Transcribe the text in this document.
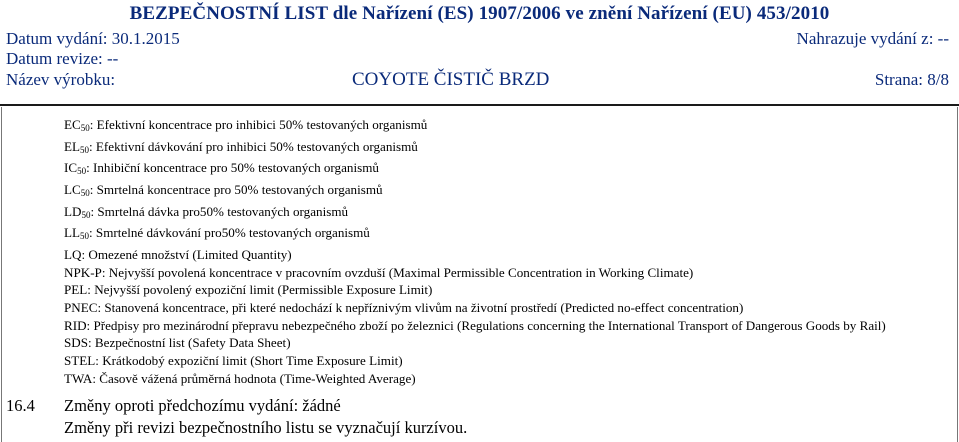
BEZPEČNOSTNÍ LIST dle Nařízení (ES) 1907/2006 ve znění Nařízení (EU) 453/2010
Datum vydání: 30.1.2015	Nahrazuje vydání z: --
Datum revize: --
Název výrobku:	COYOTE ČISTIČ BRZD	Strana: 8/8
$EC_{50}$: Efektivní koncentrace pro inhibici 50% testovaných organismů
$EL_{50}$: Efektivní dávkování pro inhibici 50% testovaných organismů
$IC_{50}$: Inhibiční koncentrace pro 50% testovaných organismů
$LC_{50}$: Smrtelná koncentrace pro 50% testovaných organismů
$LD_{50}$: Smrtelná dávka pro50% testovaných organismů
$LL_{50}$: Smrtelné dávkování pro50% testovaných organismů
LQ: Omezené množství (Limited Quantity)
NPK-P: Nejvyšší povolená koncentrace v pracovním ovzduší (Maximal Permissible Concentration in Working Climate)
PEL: Nejvyšší povolený expoziční limit (Permissible Exposure Limit)
PNEC: Stanovená koncentrace, při které nedochází k nepříznivým vlivům na životní prostředí (Predicted no-effect concentration)
RID: Předpisy pro mezinárodní přepravu nebezpečného zboží po železnici (Regulations concerning the International Transport of Dangerous Goods by Rail)
SDS: Bezpečnostní list (Safety Data Sheet)
STEL: Krátkodobý expoziční limit (Short Time Exposure Limit)
TWA: Časově vážená průměrná hodnota (Time-Weighted Average)
16.4 Změny oproti předchozímu vydání: žádné
Změny při revizi bezpečnostního listu se vyznačují kurzívou.
